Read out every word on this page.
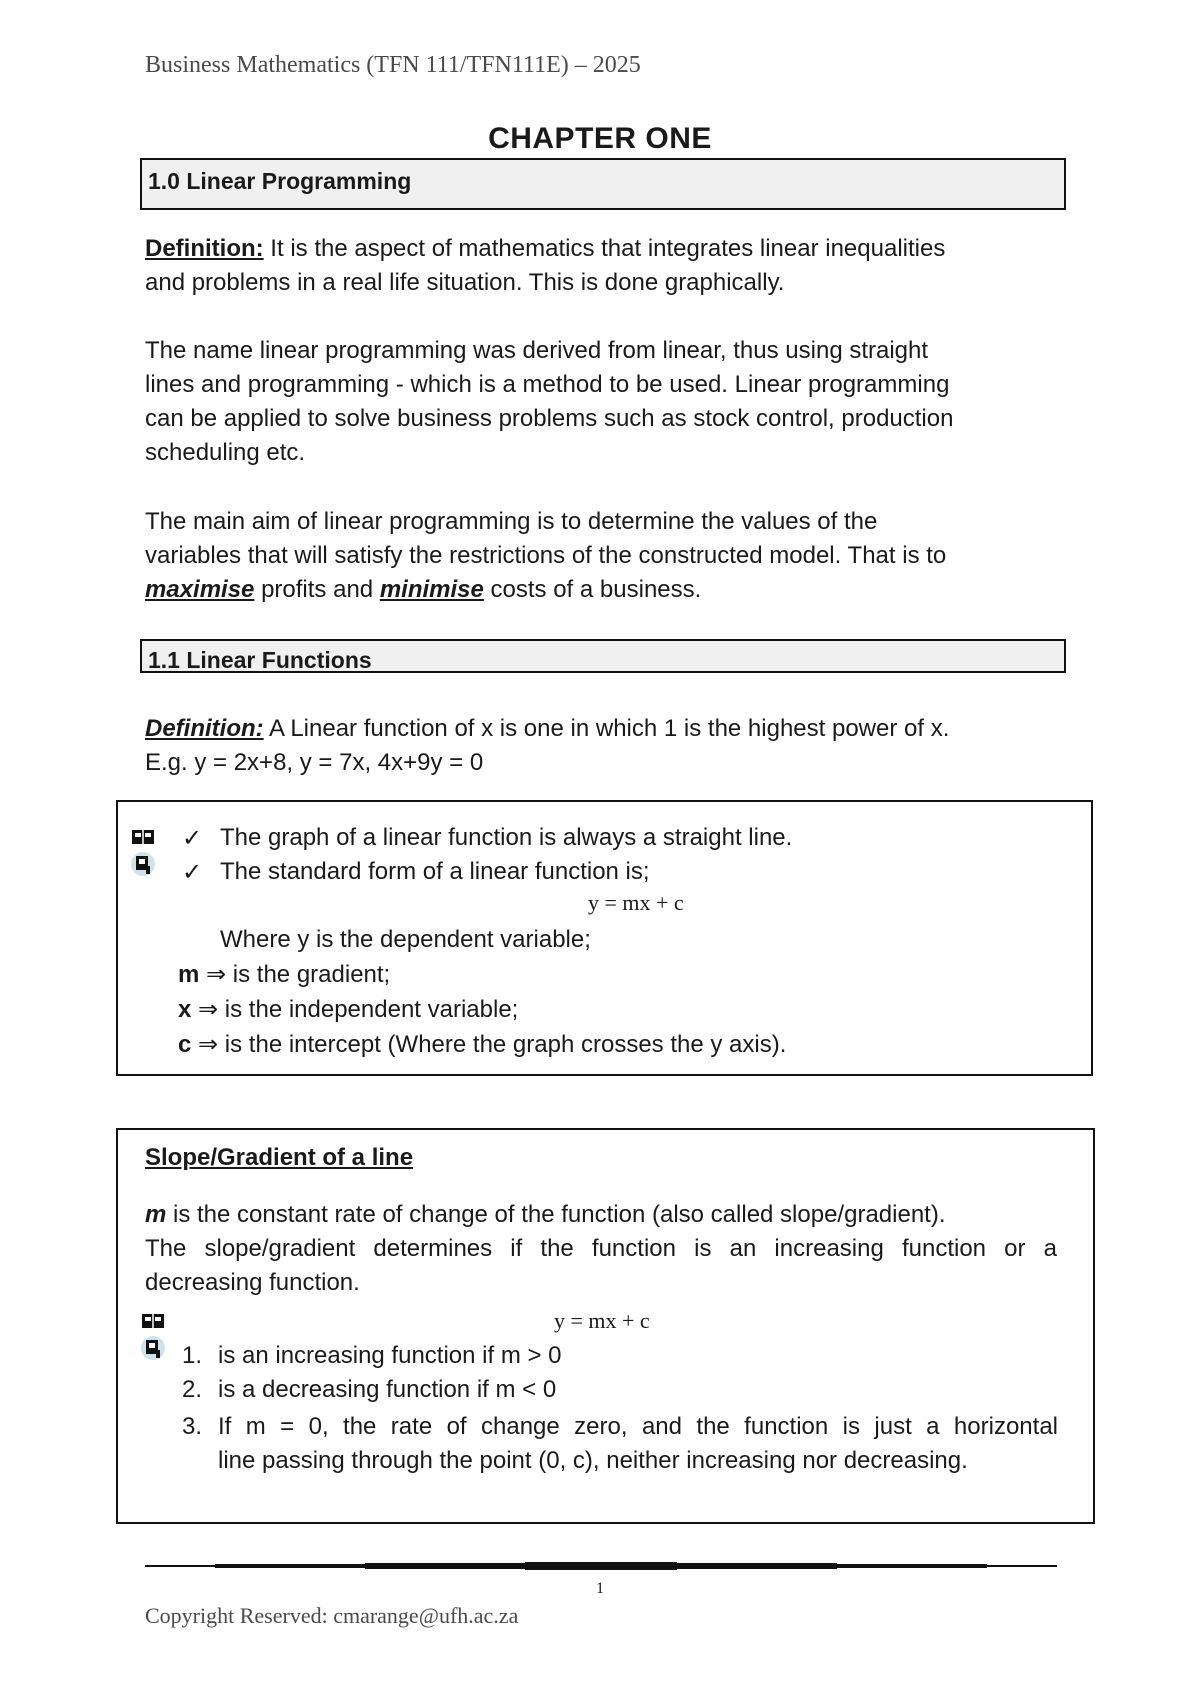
Business Mathematics (TFN 111/TFN111E) – 2025
CHAPTER ONE
1.0 Linear Programming

Definition: It is the aspect of mathematics that integrates linear inequalities

and problems in a real life situation. This is done graphically.

The name linear programming was derived from linear, thus using straight

lines and programming - which is a method to be used. Linear programming

can be applied to solve business problems such as stock control, production

scheduling etc.

The main aim of linear programming is to determine the values of the

variables that will satisfy the restrictions of the constructed model. That is to

maximise profits and minimise costs of a business.

1.1 Linear Functions

Definition: A Linear function of x is one in which 1 is the highest power of x.

E.g. y = 2x+8, y = 7x, 4x+9y = 0

✓ The graph of a linear function is always a straight line.
✓ The standard form of a linear function is;
y = mx + c
Where y is the dependent variable;
m ⇒ is the gradient;
x ⇒ is the independent variable;
c ⇒ is the intercept (Where the graph crosses the y axis).
Slope/Gradient of a line
m is the constant rate of change of the function (also called slope/gradient).
The slope/gradient determines if the function is an increasing function or a
decreasing function.
y = mx + c
1. is an increasing function if m > 0
2. is a decreasing function if m < 0
3. If m = 0, the rate of change zero, and the function is just a horizontal
line passing through the point (0, c), neither increasing nor decreasing.
1
Copyright Reserved: cmarange@ufh.ac.za
